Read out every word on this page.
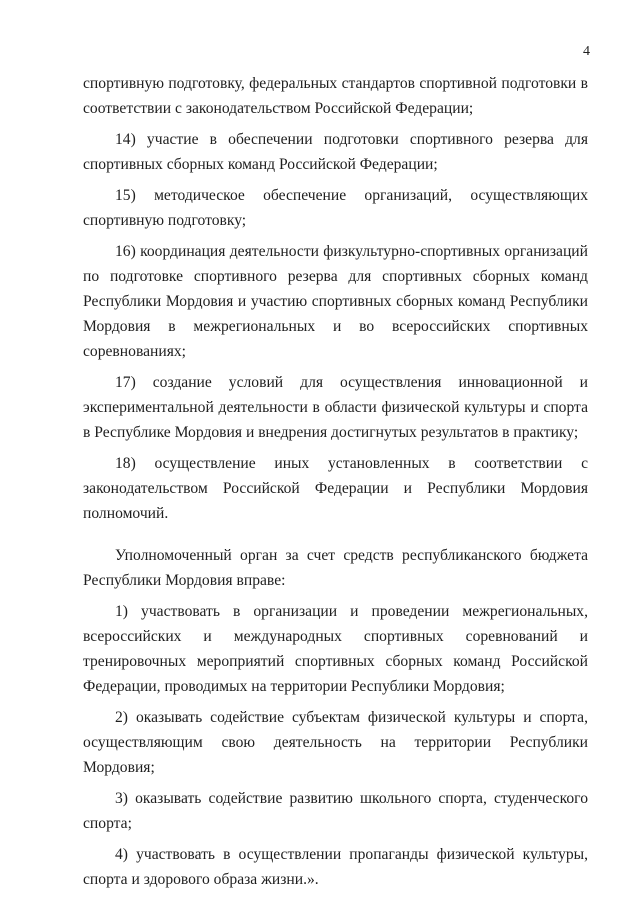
4

спортивную подготовку, федеральных стандартов спортивной подготовки в соответствии с законодательством Российской Федерации;

14) участие в обеспечении подготовки спортивного резерва для спортивных сборных команд Российской Федерации;

15) методическое обеспечение организаций, осуществляющих спортивную подготовку;

16) координация деятельности физкультурно-спортивных организаций по подготовке спортивного резерва для спортивных сборных команд Республики Мордовия и участию спортивных сборных команд Республики Мордовия в межрегиональных и во всероссийских спортивных соревнованиях;

17) создание условий для осуществления инновационной и экспериментальной деятельности в области физической культуры и спорта в Республике Мордовия и внедрения достигнутых результатов в практику;

18) осуществление иных установленных в соответствии с законодательством Российской Федерации и Республики Мордовия полномочий.

Уполномоченный орган за счет средств республиканского бюджета Республики Мордовия вправе:

1) участвовать в организации и проведении межрегиональных, всероссийских и международных спортивных соревнований и тренировочных мероприятий спортивных сборных команд Российской Федерации, проводимых на территории Республики Мордовия;

2) оказывать содействие субъектам физической культуры и спорта, осуществляющим свою деятельность на территории Республики Мордовия;

3) оказывать содействие развитию школьного спорта, студенческого спорта;

4) участвовать в осуществлении пропаганды физической культуры, спорта и здорового образа жизни.».
